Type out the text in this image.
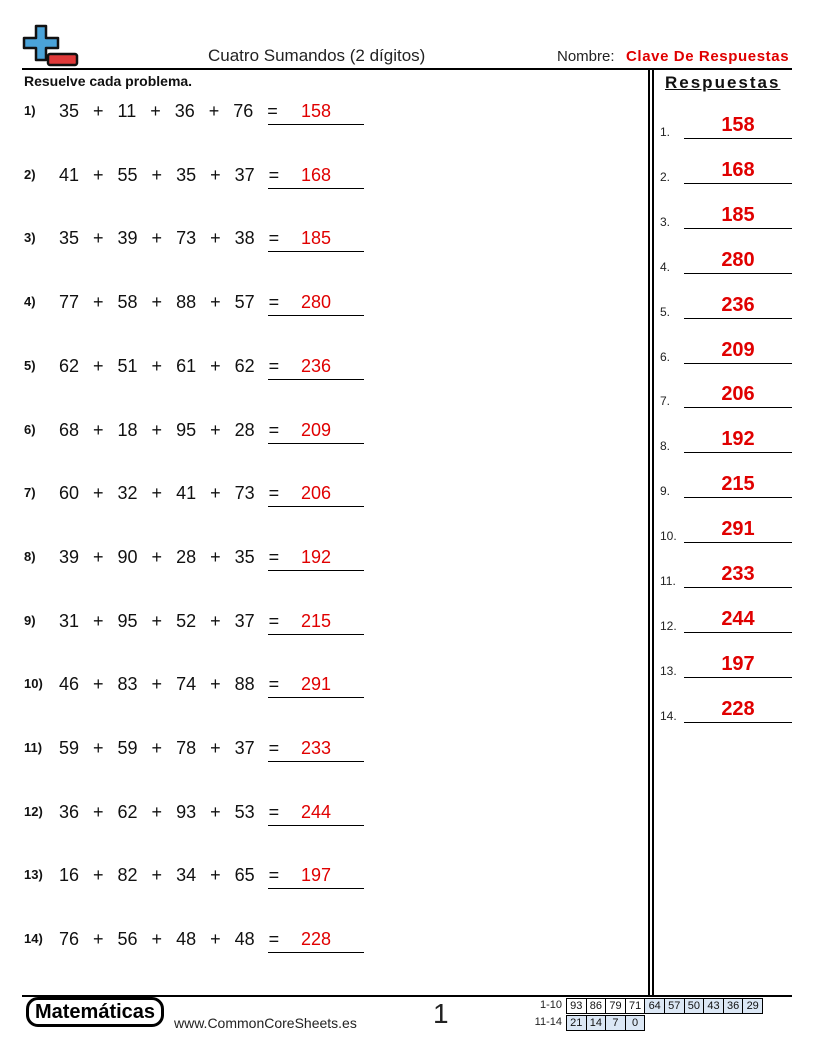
Cuatro Sumandos (2 dígitos)	Nombre: Clave De Respuestas
Resuelve cada problema.
1) 35  +  11  +  36  +  76  =	158
2) 41  +  55  +  35  +  37  =	168
3) 35  +  39  +  73  +  38  =	185
4) 77  +  58  +  88  +  57  =	280
5) 62  +  51  +  61  +  62  =	236
6) 68  +  18  +  95  +  28  =	209
7) 60  +  32  +  41  +  73  =	206
8) 39  +  90  +  28  +  35  =	192
9) 31  +  95  +  52  +  37  =	215
10) 46  +  83  +  74  +  88  =	291
11) 59  +  59  +  78  +  37  =	233
12) 36  +  62  +  93  +  53  =	244
13) 16  +  82  +  34  +  65  =	197
14) 76  +  56  +  48  +  48  =	228
Respuestas
1.	158
2.	168
3.	185
4.	280
5.	236
6.	209
7.	206
8.	192
9.	215
10.	291
11.	233
12.	244
13.	197
14.	228
Matemáticas
www.CommonCoreSheets.es	1	1-10 93 86 79 71 64 57 50 43 36 29
11-14 21 14 7	0
